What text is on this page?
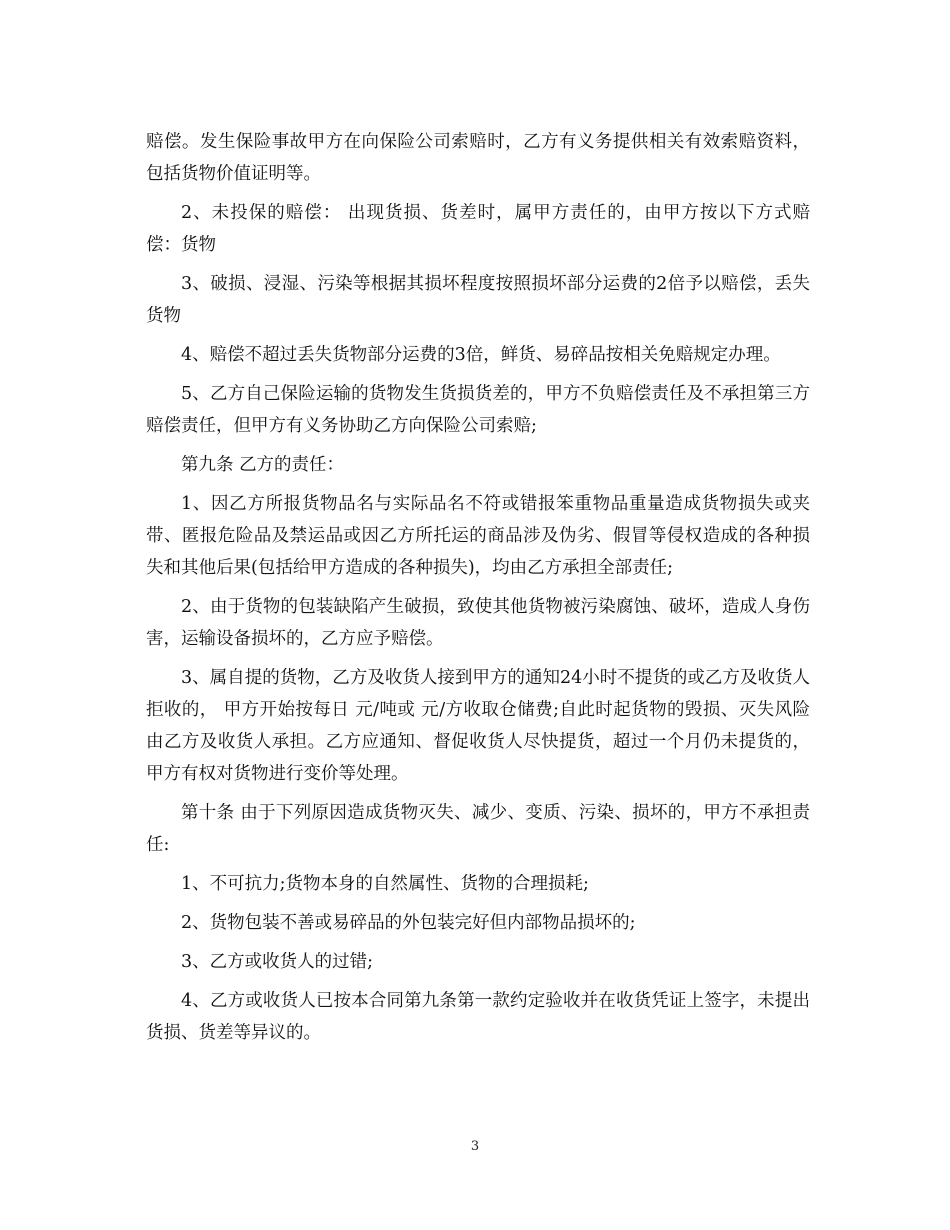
赔偿。发生保险事故甲方在向保险公司索赔时，乙方有义务提供相关有效索赔资料，包括货物价值证明等。

2、未投保的赔偿： 出现货损、货差时，属甲方责任的，由甲方按以下方式赔偿：货物

3、破损、浸湿、污染等根据其损坏程度按照损坏部分运费的2倍予以赔偿，丢失货物

4、赔偿不超过丢失货物部分运费的3倍，鲜货、易碎品按相关免赔规定办理。

5、乙方自己保险运输的货物发生货损货差的，甲方不负赔偿责任及不承担第三方赔偿责任，但甲方有义务协助乙方向保险公司索赔;

第九条 乙方的责任：

1、因乙方所报货物品名与实际品名不符或错报笨重物品重量造成货物损失或夹带、匿报危险品及禁运品或因乙方所托运的商品涉及伪劣、假冒等侵权造成的各种损失和其他后果(包括给甲方造成的各种损失)，均由乙方承担全部责任;

2、由于货物的包装缺陷产生破损，致使其他货物被污染腐蚀、破坏，造成人身伤害，运输设备损坏的，乙方应予赔偿。

3、属自提的货物，乙方及收货人接到甲方的通知24小时不提货的或乙方及收货人拒收的， 甲方开始按每日 元/吨或 元/方收取仓储费;自此时起货物的毁损、灭失风险由乙方及收货人承担。乙方应通知、督促收货人尽快提货，超过一个月仍未提货的，甲方有权对货物进行变价等处理。

第十条 由于下列原因造成货物灭失、减少、变质、污染、损坏的，甲方不承担责任:

1、不可抗力;货物本身的自然属性、货物的合理损耗;

2、货物包装不善或易碎品的外包装完好但内部物品损坏的;

3、乙方或收货人的过错;

4、乙方或收货人已按本合同第九条第一款约定验收并在收货凭证上签字，未提出货损、货差等异议的。

3
